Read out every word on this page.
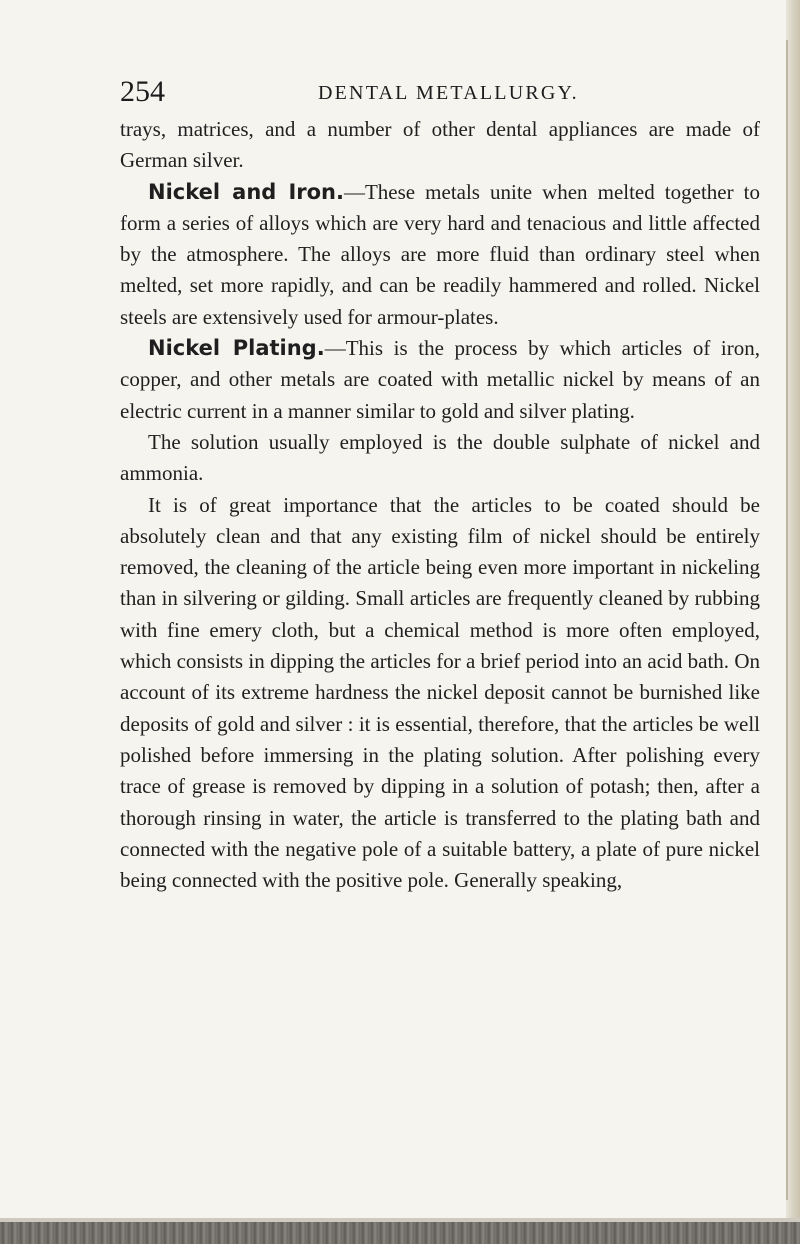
254	DENTAL METALLURGY.

trays, matrices, and a number of other dental appliances are made of German silver.

Nickel and Iron.—These metals unite when melted together to form a series of alloys which are very hard and tenacious and little affected by the atmosphere. The alloys are more fluid than ordinary steel when melted, set more rapidly, and can be readily hammered and rolled. Nickel steels are extensively used for armour-plates.

Nickel Plating.—This is the process by which articles of iron, copper, and other metals are coated with metallic nickel by means of an electric current in a manner similar to gold and silver plating.

The solution usually employed is the double sulphate of nickel and ammonia.

It is of great importance that the articles to be coated should be absolutely clean and that any existing film of nickel should be entirely removed, the cleaning of the article being even more important in nickeling than in silvering or gilding. Small articles are frequently cleaned by rubbing with fine emery cloth, but a chemical method is more often employed, which consists in dipping the articles for a brief period into an acid bath. On account of its extreme hardness the nickel deposit cannot be burnished like deposits of gold and silver : it is essential, therefore, that the articles be well polished before immersing in the plating solution. After polishing every trace of grease is removed by dipping in a solution of potash; then, after a thorough rinsing in water, the article is transferred to the plating bath and connected with the negative pole of a suitable battery, a plate of pure nickel being connected with the positive pole. Generally speaking,
